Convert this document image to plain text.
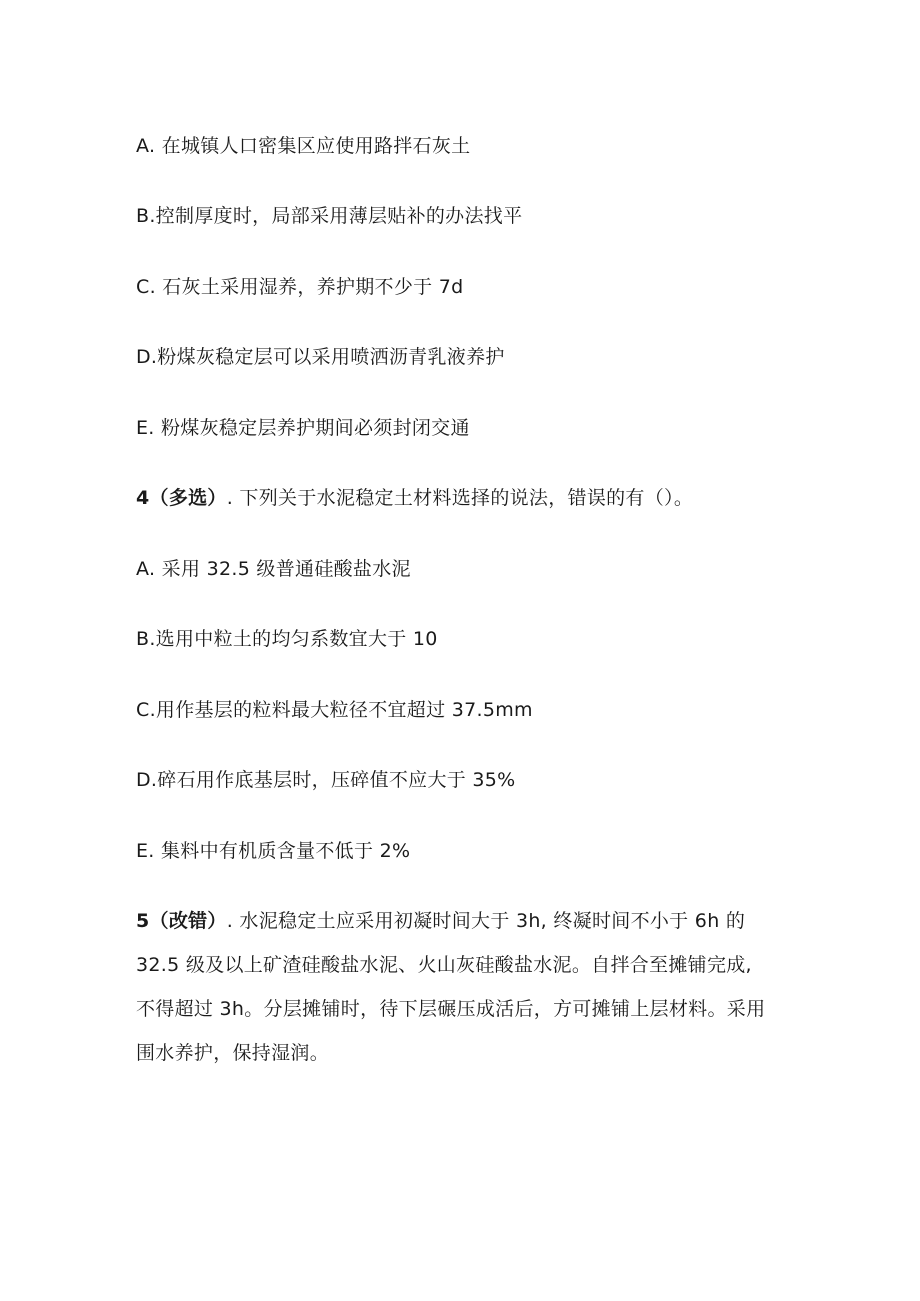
A. 在城镇人口密集区应使用路拌石灰土
B.控制厚度时，局部采用薄层贴补的办法找平
C. 石灰土采用湿养，养护期不少于 7d
D.粉煤灰稳定层可以采用喷洒沥青乳液养护
E. 粉煤灰稳定层养护期间必须封闭交通
4（多选）. 下列关于水泥稳定土材料选择的说法，错误的有（）。
A. 采用 32.5 级普通硅酸盐水泥
B.选用中粒土的均匀系数宜大于 10
C.用作基层的粒料最大粒径不宜超过 37.5mm
D.碎石用作底基层时，压碎值不应大于 35%
E. 集料中有机质含量不低于 2%
5（改错）. 水泥稳定土应采用初凝时间大于 3h, 终凝时间不小于 6h 的
32.5 级及以上矿渣硅酸盐水泥、火山灰硅酸盐水泥。自拌合至摊铺完成,
不得超过 3h。分层摊铺时，待下层碾压成活后，方可摊铺上层材料。采用
围水养护，保持湿润。
